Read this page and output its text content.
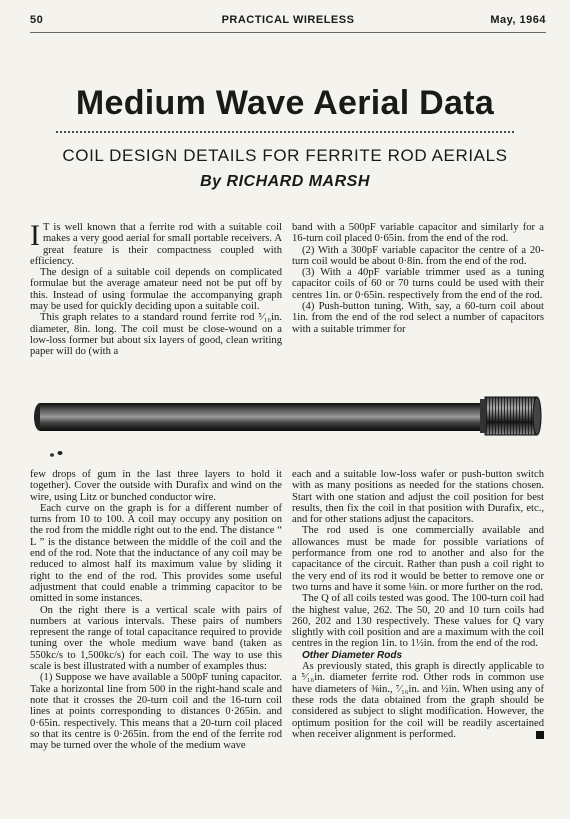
50	PRACTICAL WIRELESS	May, 1964
Medium Wave Aerial Data
COIL DESIGN DETAILS FOR FERRITE ROD AERIALS
By RICHARD MARSH

I T is well known that a ferrite rod with a suitable coil makes a very good aerial for small portable receivers. A great feature is their compactness coupled with efficiency.

The design of a suitable coil depends on complicated formulae but the average amateur need not be put off by this. Instead of using formulae the accompanying graph may be used for quickly deciding upon a suitable coil.

This graph relates to a standard round ferrite rod ⁵⁄₁₆in. diameter, 8in. long. The coil must be close-wound on a low-loss former but about six layers of good, clean writing paper will do (with a

band with a 500pF variable capacitor and similarly for a 16-turn coil placed 0·65in. from the end of the rod.

(2) With a 300pF variable capacitor the centre of a 20-turn coil would be about 0·8in. from the end of the rod.

(3) With a 40pF variable trimmer used as a tuning capacitor coils of 60 or 70 turns could be used with their centres 1in. or 0·65in. respectively from the end of the rod.

(4) Push-button tuning. With, say, a 60-turn coil about 1in. from the end of the rod select a number of capacitors with a suitable trimmer for

few drops of gum in the last three layers to hold it together). Cover the outside with Durafix and wind on the wire, using Litz or bunched conductor wire.

Each curve on the graph is for a different number of turns from 10 to 100. A coil may occupy any position on the rod from the middle right out to the end. The distance “ L ” is the distance between the middle of the coil and the end of the rod. Note that the inductance of any coil may be reduced to almost half its maximum value by sliding it right to the end of the rod. This provides some useful adjustment that could enable a trimming capacitor to be omitted in some instances.

On the right there is a vertical scale with pairs of numbers at various intervals. These pairs of numbers represent the range of total capacitance required to provide tuning over the whole medium wave band (taken as 550kc/s to 1,500kc/s) for each coil. The way to use this scale is best illustrated with a number of examples thus:

(1) Suppose we have available a 500pF tuning capacitor. Take a horizontal line from 500 in the right-hand scale and note that it crosses the 20-turn coil and the 16-turn coil lines at points corresponding to distances 0·265in. and 0·65in. respectively. This means that a 20-turn coil placed so that its centre is 0·265in. from the end of the ferrite rod may be turned over the whole of the medium wave

each and a suitable low-loss wafer or push-button switch with as many positions as needed for the stations chosen. Start with one station and adjust the coil position for best results, then fix the coil in that position with Durafix, etc., and for other stations adjust the capacitors.

The rod used is one commercially available and allowances must be made for possible variations of performance from one rod to another and also for the capacitance of the circuit. Rather than push a coil right to the very end of its rod it would be better to remove one or two turns and have it some ⅛in. or more further on the rod.

The Q of all coils tested was good. The 100-turn coil had the highest value, 262. The 50, 20 and 10 turn coils had 260, 202 and 130 respectively. These values for Q vary slightly with coil position and are a maximum with the coil centres in the region 1in. to 1½in. from the end of the rod.

Other Diameter Rods

As previously stated, this graph is directly applicable to a ⁵⁄₁₆in. diameter ferrite rod. Other rods in common use have diameters of ⅜in., ⁷⁄₁₆in. and ½in. When using any of these rods the data obtained from the graph should be considered as subject to slight modification. However, the optimum position for the coil will be readily ascertained when receiver alignment is performed.
